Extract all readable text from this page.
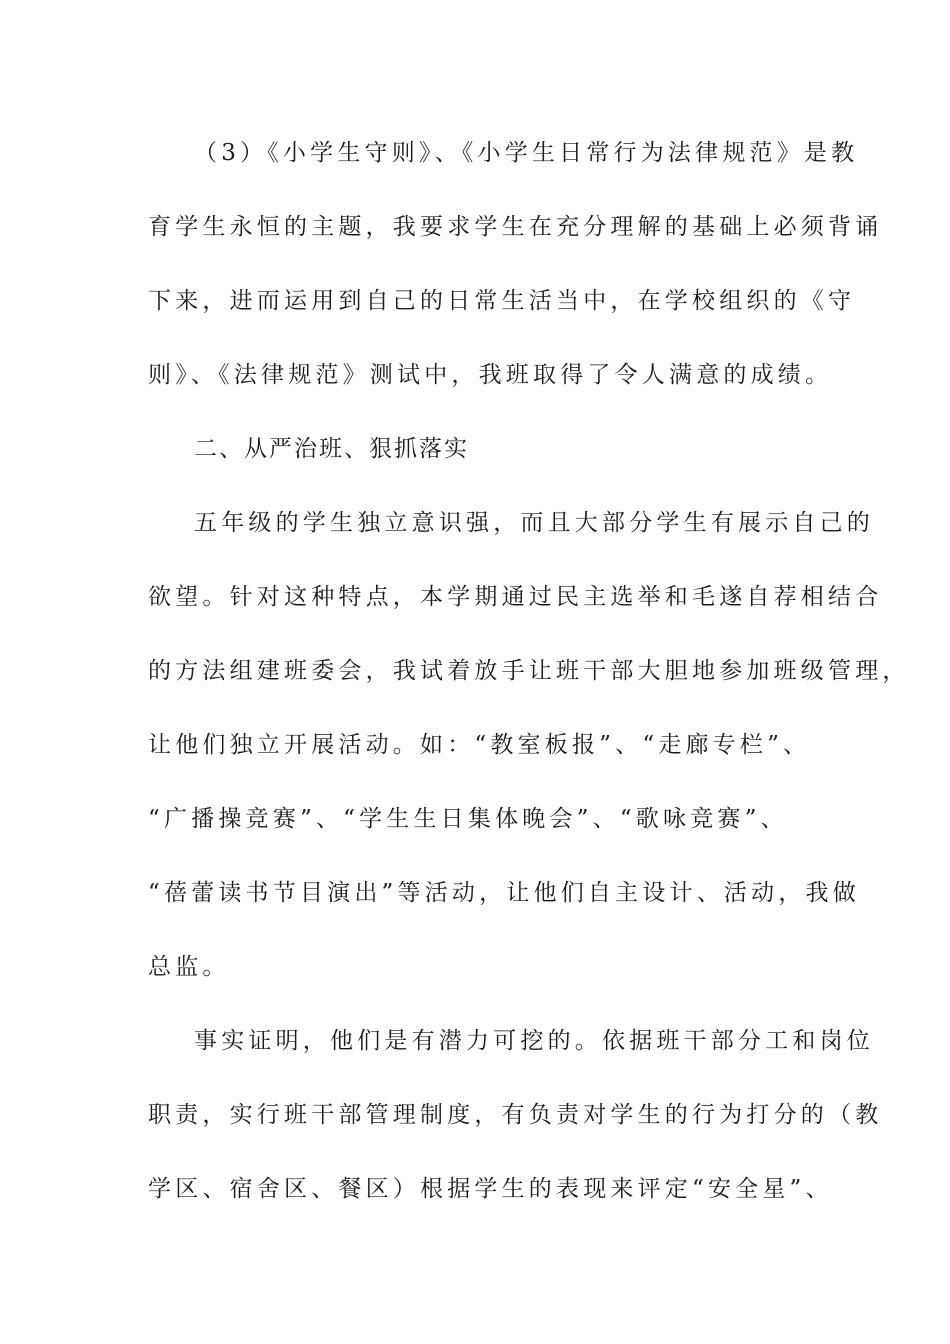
（3）《小学生守则》、《小学生日常行为法律规范》是教
育学生永恒的主题，我要求学生在充分理解的基础上必须背诵
下来，进而运用到自己的日常生活当中，在学校组织的《守
则》、《法律规范》测试中，我班取得了令人满意的成绩。
二、从严治班、狠抓落实
五年级的学生独立意识强，而且大部分学生有展示自己的
欲望。针对这种特点，本学期通过民主选举和毛遂自荐相结合
的方法组建班委会，我试着放手让班干部大胆地参加班级管理，
让他们独立开展活动。如：“教室板报”、“走廊专栏”、
“广播操竞赛”、“学生生日集体晚会”、“歌咏竞赛”、
“蓓蕾读书节目演出”等活动，让他们自主设计、活动，我做
总监。
事实证明，他们是有潜力可挖的。依据班干部分工和岗位
职责，实行班干部管理制度，有负责对学生的行为打分的（教
学区、宿舍区、餐区）根据学生的表现来评定“安全星”、
